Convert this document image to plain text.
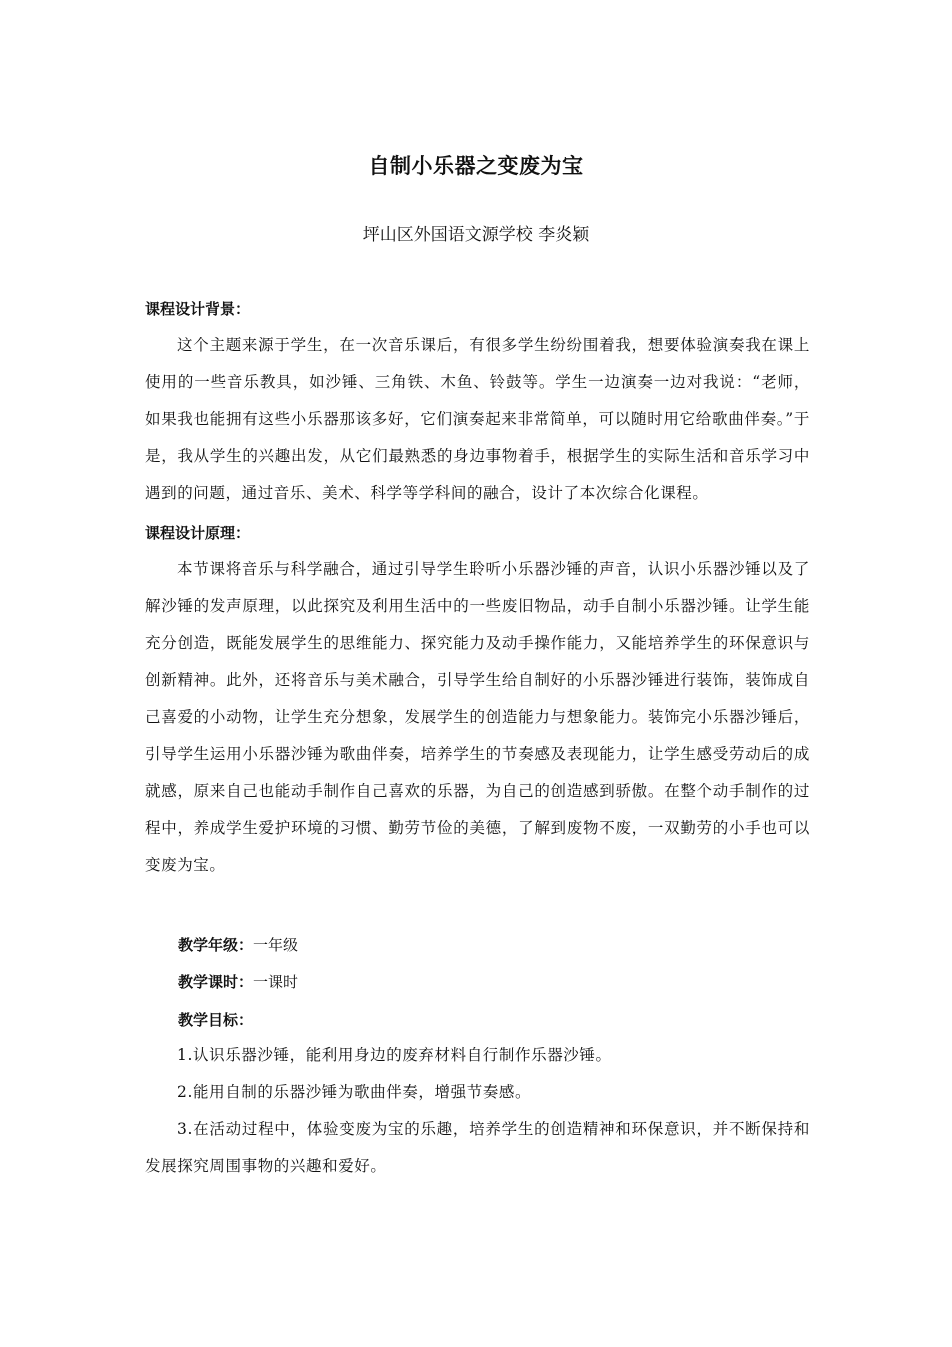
自制小乐器之变废为宝
坪山区外国语文源学校 李炎颖
课程设计背景：
这个主题来源于学生，在一次音乐课后，有很多学生纷纷围着我，想要体验演奏我在课上使用的一些音乐教具，如沙锤、三角铁、木鱼、铃鼓等。学生一边演奏一边对我说：“老师，如果我也能拥有这些小乐器那该多好，它们演奏起来非常简单，可以随时用它给歌曲伴奏。”于是，我从学生的兴趣出发，从它们最熟悉的身边事物着手，根据学生的实际生活和音乐学习中遇到的问题，通过音乐、美术、科学等学科间的融合，设计了本次综合化课程。
课程设计原理：
本节课将音乐与科学融合，通过引导学生聆听小乐器沙锤的声音，认识小乐器沙锤以及了解沙锤的发声原理，以此探究及利用生活中的一些废旧物品，动手自制小乐器沙锤。让学生能充分创造，既能发展学生的思维能力、探究能力及动手操作能力，又能培养学生的环保意识与创新精神。此外，还将音乐与美术融合，引导学生给自制好的小乐器沙锤进行装饰，装饰成自己喜爱的小动物，让学生充分想象，发展学生的创造能力与想象能力。装饰完小乐器沙锤后，引导学生运用小乐器沙锤为歌曲伴奏，培养学生的节奏感及表现能力，让学生感受劳动后的成就感，原来自己也能动手制作自己喜欢的乐器，为自己的创造感到骄傲。在整个动手制作的过程中，养成学生爱护环境的习惯、勤劳节俭的美德，了解到废物不废，一双勤劳的小手也可以变废为宝。
教学年级：一年级
教学课时：一课时
教学目标：
1.认识乐器沙锤，能利用身边的废弃材料自行制作乐器沙锤。
2.能用自制的乐器沙锤为歌曲伴奏，增强节奏感。
3.在活动过程中，体验变废为宝的乐趣，培养学生的创造精神和环保意识，并不断保持和发展探究周围事物的兴趣和爱好。
